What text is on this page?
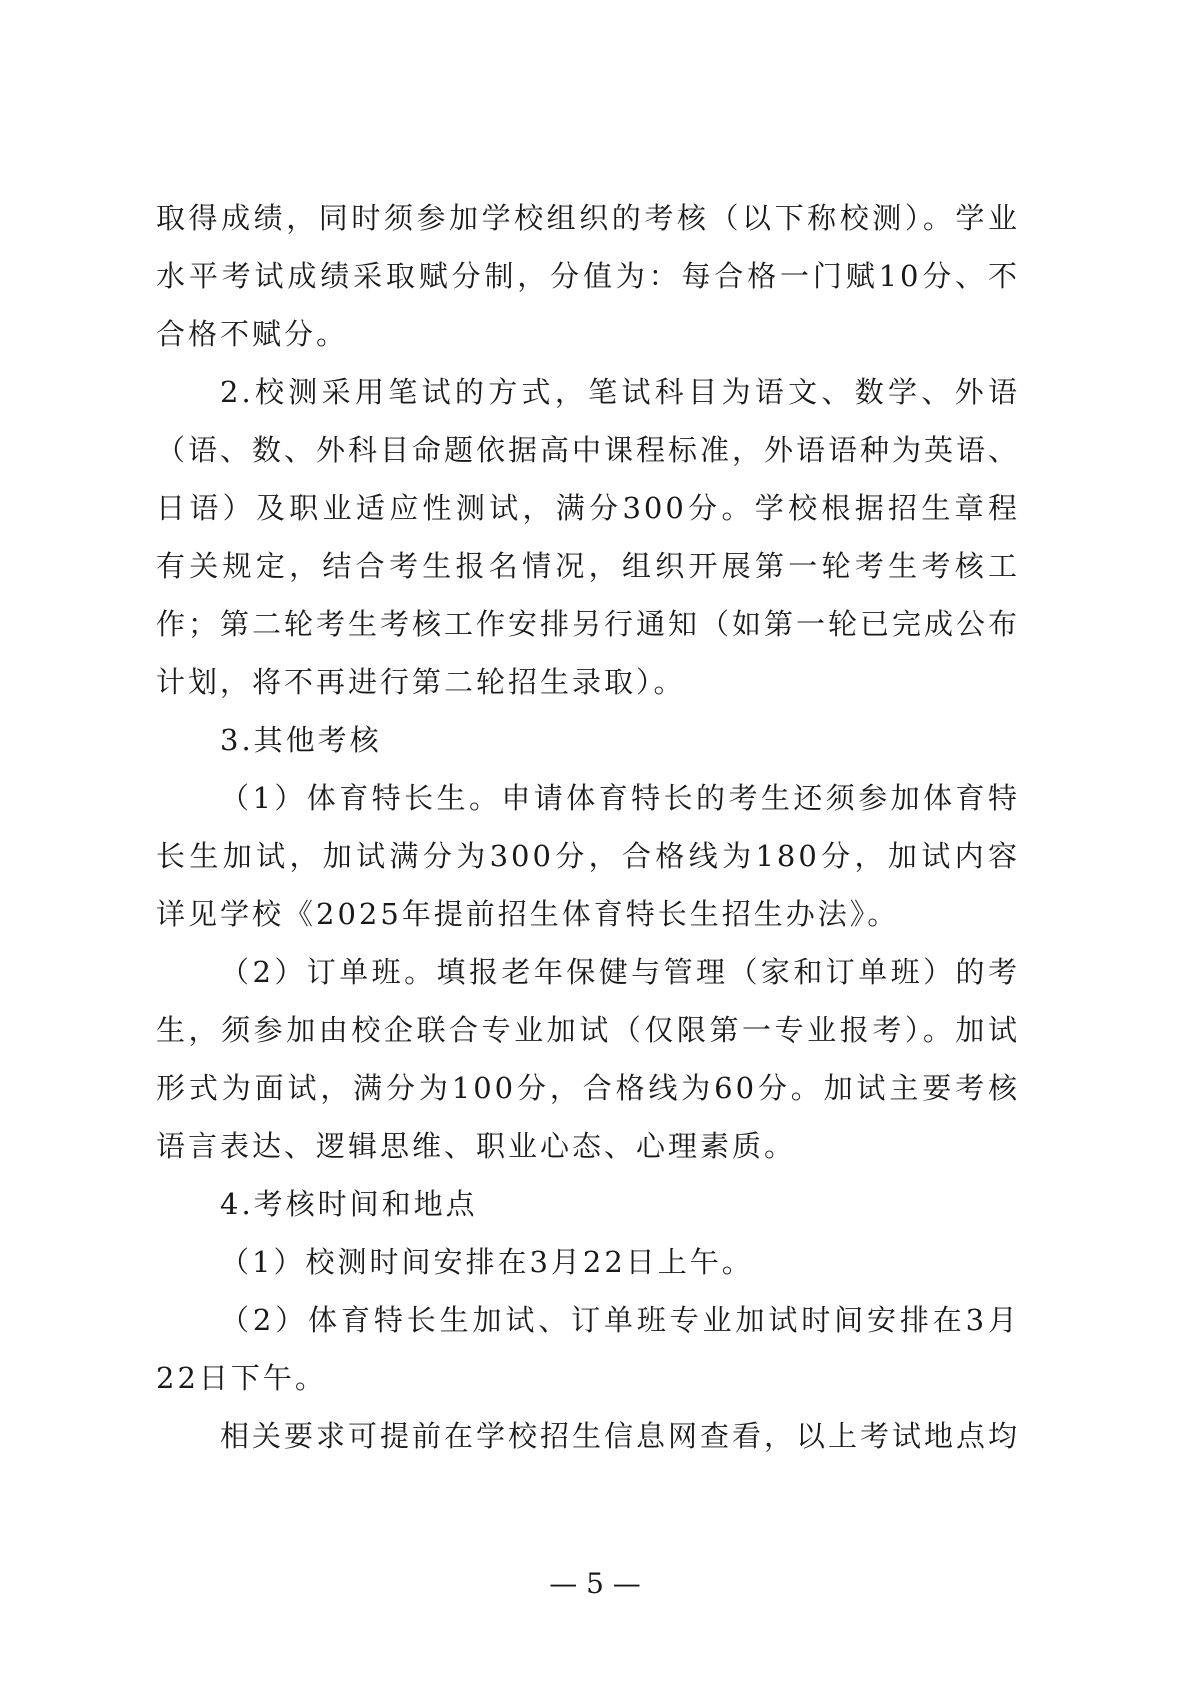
取得成绩，同时须参加学校组织的考核（以下称校测）。学业水平考试成绩采取赋分制，分值为：每合格一门赋10分、不合格不赋分。

2.校测采用笔试的方式，笔试科目为语文、数学、外语（语、数、外科目命题依据高中课程标准，外语语种为英语、日语）及职业适应性测试，满分300分。学校根据招生章程有关规定，结合考生报名情况，组织开展第一轮考生考核工作；第二轮考生考核工作安排另行通知（如第一轮已完成公布计划，将不再进行第二轮招生录取）。

3.其他考核

（1）体育特长生。申请体育特长的考生还须参加体育特长生加试，加试满分为300分，合格线为180分，加试内容详见学校《2025年提前招生体育特长生招生办法》。

（2）订单班。填报老年保健与管理（家和订单班）的考生，须参加由校企联合专业加试（仅限第一专业报考）。加试形式为面试，满分为100分，合格线为60分。加试主要考核语言表达、逻辑思维、职业心态、心理素质。

4.考核时间和地点

（1）校测时间安排在3月22日上午。

（2）体育特长生加试、订单班专业加试时间安排在3月22日下午。

相关要求可提前在学校招生信息网查看，以上考试地点均

— 5 —
